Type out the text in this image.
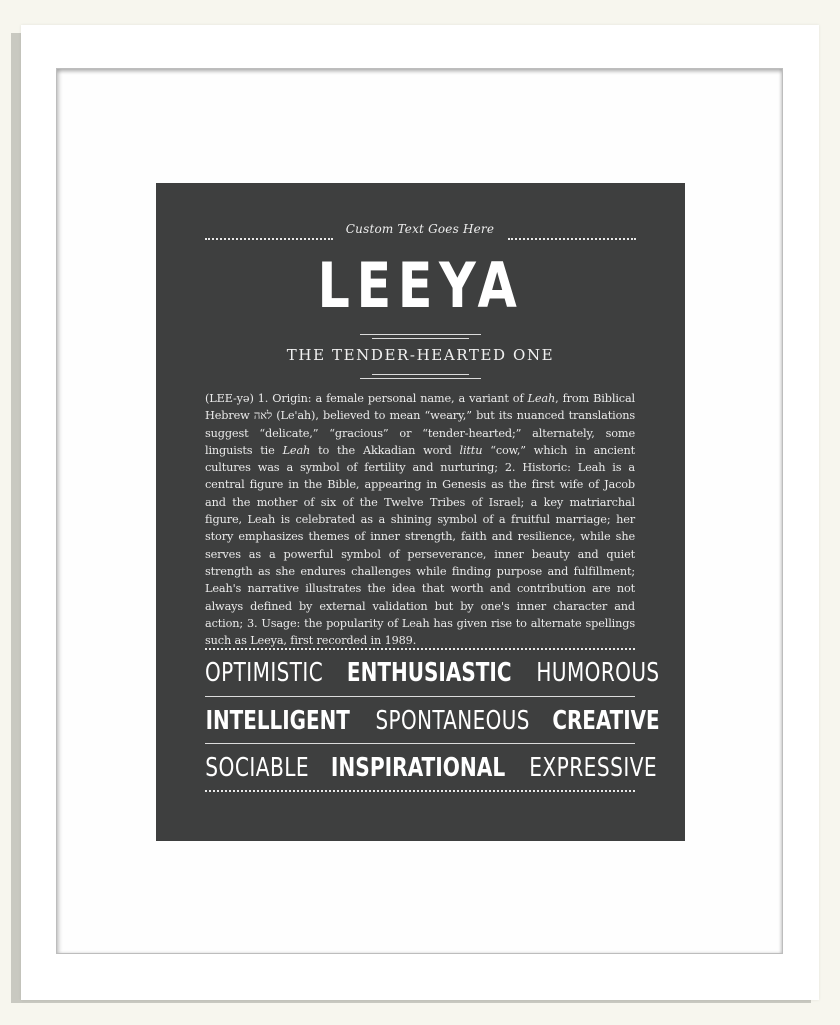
Custom Text Goes Here
LEEYA
THE TENDER-HEARTED ONE

(LEE-yə) 1. Origin: a female personal name, a variant of Leah, from Biblical Hebrew לאה (Le'ah), believed to mean “weary,” but its nuanced translations suggest “delicate,” “gracious” or “tender-hearted;” alternately, some linguists tie Leah to the Akkadian word littu “cow,” which in ancient cultures was a symbol of fertility and nurturing; 2. Historic: Leah is a central figure in the Bible, appearing in Genesis as the first wife of Jacob and the mother of six of the Twelve Tribes of Israel; a key matriarchal figure, Leah is celebrated as a shining symbol of a fruitful marriage; her story emphasizes themes of inner strength, faith and resilience, while she serves as a powerful symbol of perseverance, inner beauty and quiet strength as she endures challenges while finding purpose and fulfillment; Leah's narrative illustrates the idea that worth and contribution are not always defined by external validation but by one's inner character and action; 3. Usage: the popularity of Leah has given rise to alternate spellings such as Leeya, first recorded in 1989.

OPTIMISTIC ENTHUSIASTIC HUMOROUS
INTELLIGENT SPONTANEOUS CREATIVE
SOCIABLE INSPIRATIONAL EXPRESSIVE
